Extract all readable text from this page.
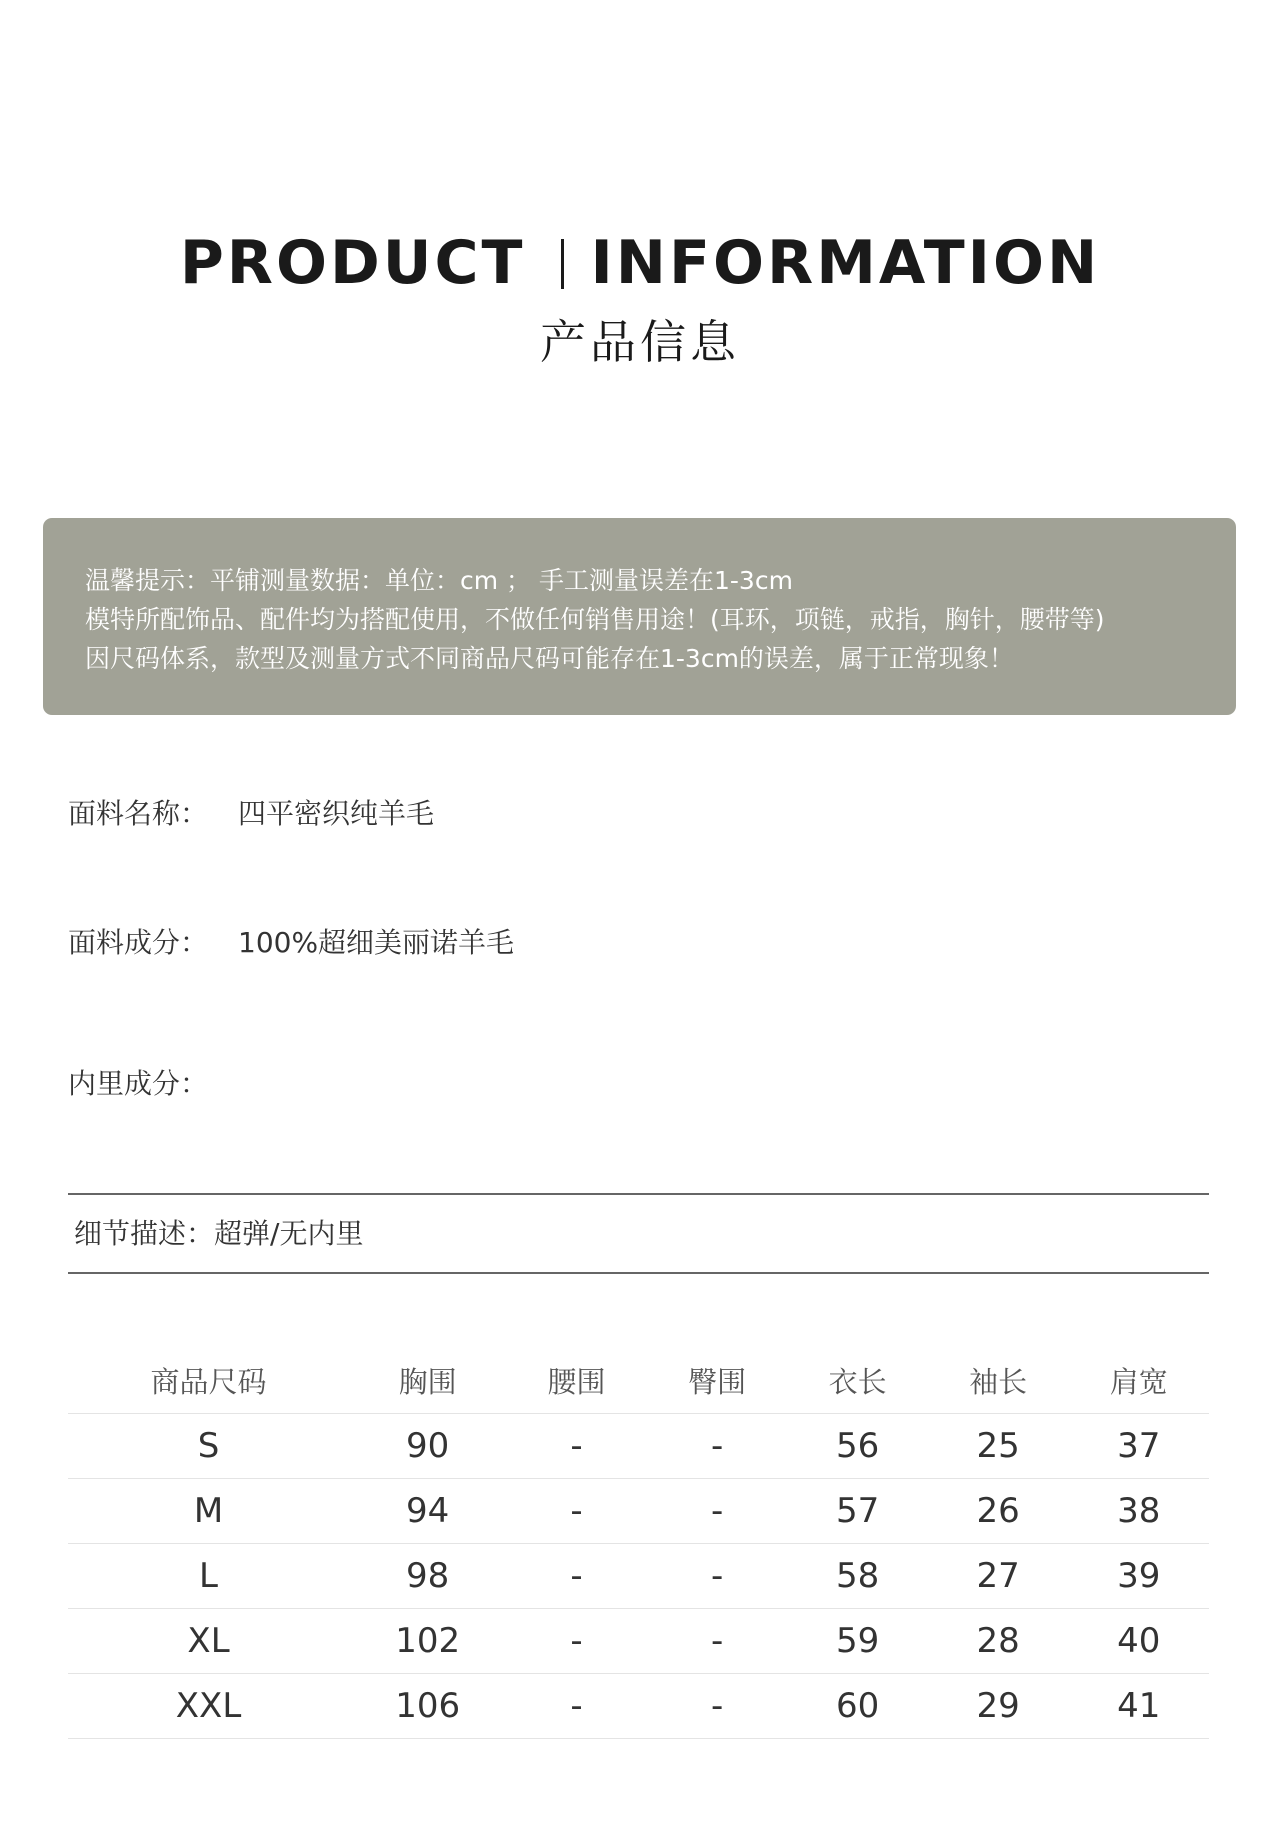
PRODUCT INFORMATION
产品信息
温馨提示：平铺测量数据：单位：cm ； 手工测量误差在1-3cm
模特所配饰品、配件均为搭配使用，不做任何销售用途！(耳环，项链，戒指，胸针，腰带等)
因尺码体系，款型及测量方式不同商品尺码可能存在1-3cm的误差，属于正常现象！
面料名称： 四平密织纯羊毛
面料成分： 100%超细美丽诺羊毛
内里成分：
细节描述：超弹/无内里
商品尺码	胸围	腰围	臀围	衣长	袖长	肩宽
S	90	-	-	56	25	37
M	94	-	-	57	26	38
L	98	-	-	58	27	39
XL	102	-	-	59	28	40
XXL	106	-	-	60	29	41
